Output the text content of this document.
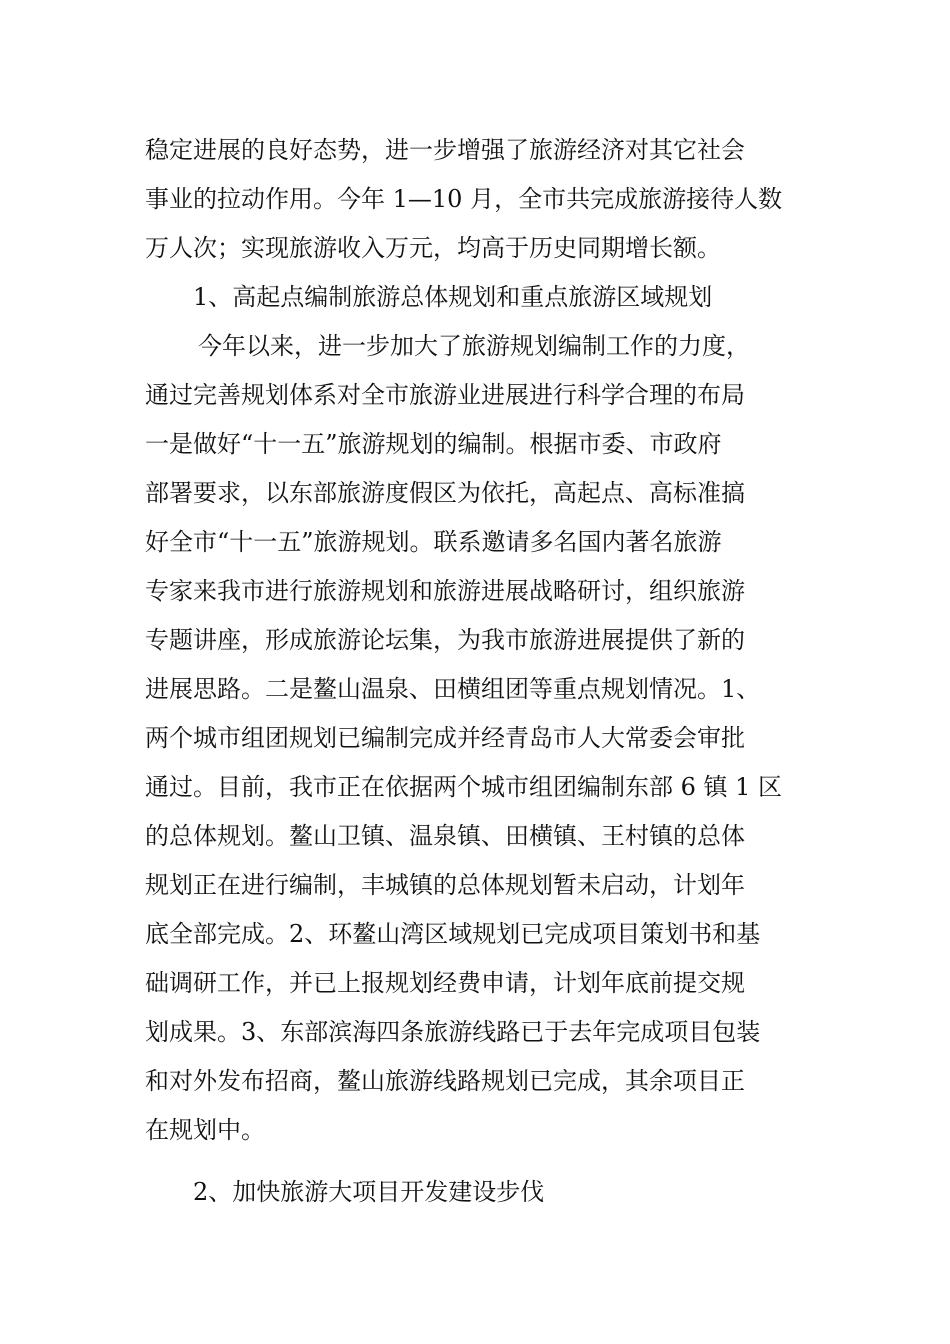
稳定进展的良好态势，进一步增强了旅游经济对其它社会
事业的拉动作用。今年 1—10 月，全市共完成旅游接待人数
万人次；实现旅游收入万元，均高于历史同期增长额。
1、高起点编制旅游总体规划和重点旅游区域规划
今年以来，进一步加大了旅游规划编制工作的力度，
通过完善规划体系对全市旅游业进展进行科学合理的布局
一是做好“十一五”旅游规划的编制。根据市委、市政府
部署要求，以东部旅游度假区为依托，高起点、高标准搞
好全市“十一五”旅游规划。联系邀请多名国内著名旅游
专家来我市进行旅游规划和旅游进展战略研讨，组织旅游
专题讲座，形成旅游论坛集，为我市旅游进展提供了新的
进展思路。二是鳌山温泉、田横组团等重点规划情况。1、
两个城市组团规划已编制完成并经青岛市人大常委会审批
通过。目前，我市正在依据两个城市组团编制东部 6 镇 1 区
的总体规划。鳌山卫镇、温泉镇、田横镇、王村镇的总体
规划正在进行编制，丰城镇的总体规划暂未启动，计划年
底全部完成。2、环鳌山湾区域规划已完成项目策划书和基
础调研工作，并已上报规划经费申请，计划年底前提交规
划成果。3、东部滨海四条旅游线路已于去年完成项目包装
和对外发布招商，鳌山旅游线路规划已完成，其余项目正
在规划中。
2、加快旅游大项目开发建设步伐
